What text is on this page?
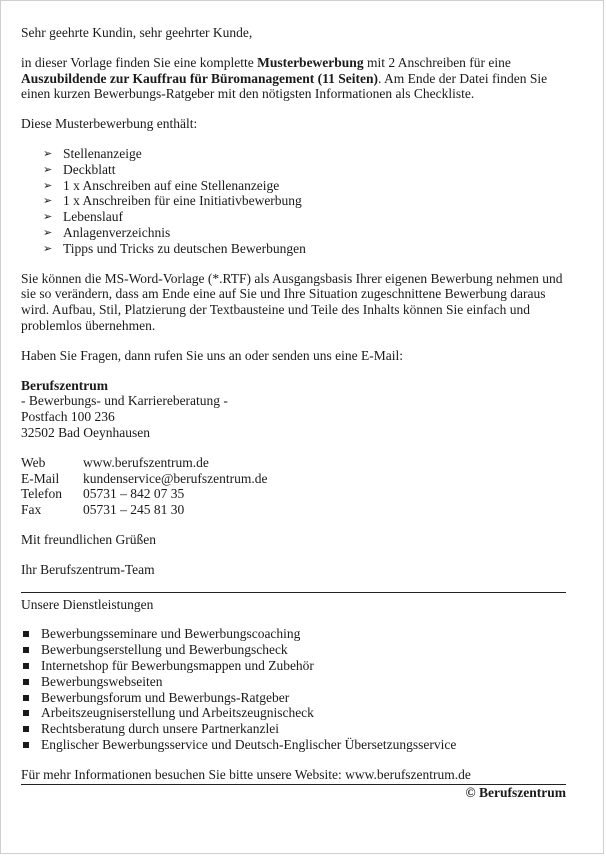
Sehr geehrte Kundin, sehr geehrter Kunde,

in dieser Vorlage finden Sie eine komplette Musterbewerbung mit 2 Anschreiben für eine Auszubildende zur Kauffrau für Büromanagement (11 Seiten). Am Ende der Datei finden Sie einen kurzen Bewerbungs-Ratgeber mit den nötigsten Informationen als Checkliste.

Diese Musterbewerbung enthält:

➢ Stellenanzeige
➢ Deckblatt
➢ 1 x Anschreiben auf eine Stellenanzeige
➢ 1 x Anschreiben für eine Initiativbewerbung
➢ Lebenslauf
➢ Anlagenverzeichnis
➢ Tipps und Tricks zu deutschen Bewerbungen

Sie können die MS-Word-Vorlage (*.RTF) als Ausgangsbasis Ihrer eigenen Bewerbung nehmen und sie so verändern, dass am Ende eine auf Sie und Ihre Situation zugeschnittene Bewerbung daraus wird. Aufbau, Stil, Platzierung der Textbausteine und Teile des Inhalts können Sie einfach und problemlos übernehmen.

Haben Sie Fragen, dann rufen Sie uns an oder senden uns eine E-Mail:

Berufszentrum

- Bewerbungs- und Karriereberatung -

Postfach 100 236

32502 Bad Oeynhausen

Web	www.berufszentrum.de
E-Mail	kundenservice@berufszentrum.de
Telefon	05731 – 842 07 35
Fax	05731 – 245 81 30

Mit freundlichen Grüßen

Ihr Berufszentrum-Team

Unsere Dienstleistungen

Bewerbungsseminare und Bewerbungscoaching
Bewerbungserstellung und Bewerbungscheck
Internetshop für Bewerbungsmappen und Zubehör
Bewerbungswebseiten
Bewerbungsforum und Bewerbungs-Ratgeber
Arbeitszeugniserstellung und Arbeitszeugnischeck
Rechtsberatung durch unsere Partnerkanzlei
Englischer Bewerbungsservice und Deutsch-Englischer Übersetzungsservice

Für mehr Informationen besuchen Sie bitte unsere Website: www.berufszentrum.de

© Berufszentrum
